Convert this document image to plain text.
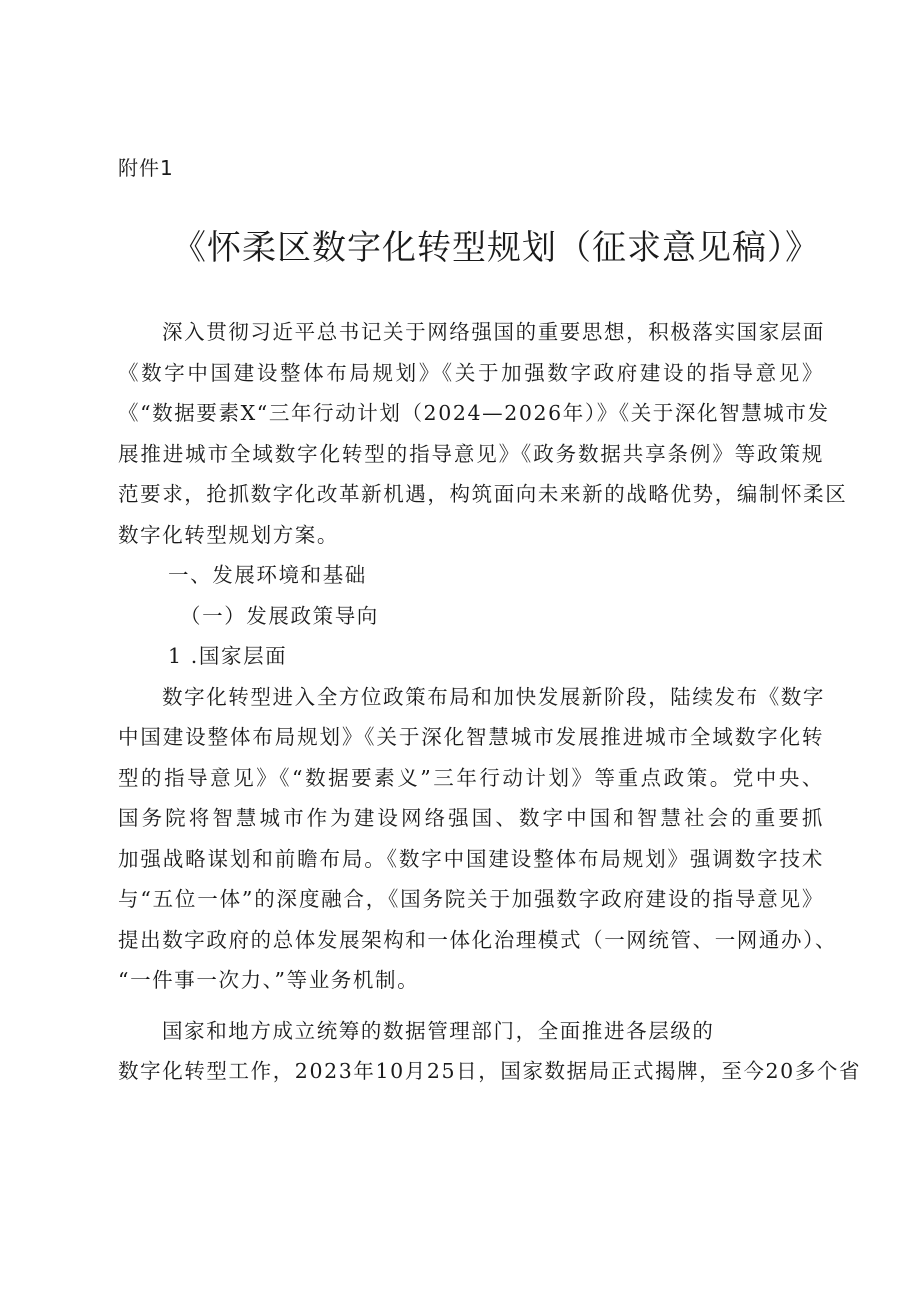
附件1
《怀柔区数字化转型规划（征求意见稿）》
深入贯彻习近平总书记关于网络强国的重要思想，积极落实国家层面
《数字中国建设整体布局规划》《关于加强数字政府建设的指导意见》
《“数据要素X“三年行动计划（2024—2026年）》《关于深化智慧城市发
展推进城市全域数字化转型的指导意见》《政务数据共享条例》等政策规
范要求，抢抓数字化改革新机遇，构筑面向未来新的战略优势，编制怀柔区
数字化转型规划方案。
一、发展环境和基础
（一）发展政策导向
1 .国家层面
数字化转型进入全方位政策布局和加快发展新阶段，陆续发布《数字
中国建设整体布局规划》《关于深化智慧城市发展推进城市全域数字化转
型的指导意见》《“数据要素义”三年行动计划》等重点政策。党中央、
国务院将智慧城市作为建设网络强国、数字中国和智慧社会的重要抓
加强战略谋划和前瞻布局。《数字中国建设整体布局规划》强调数字技术
与“五位一体”的深度融合，《国务院关于加强数字政府建设的指导意见》
提出数字政府的总体发展架构和一体化治理模式（一网统管、一网通办）、
“一件事一次力、”等业务机制。
国家和地方成立统筹的数据管理部门，全面推进各层级的
数字化转型工作，2023年10月25日，国家数据局正式揭牌，至今20多个省
